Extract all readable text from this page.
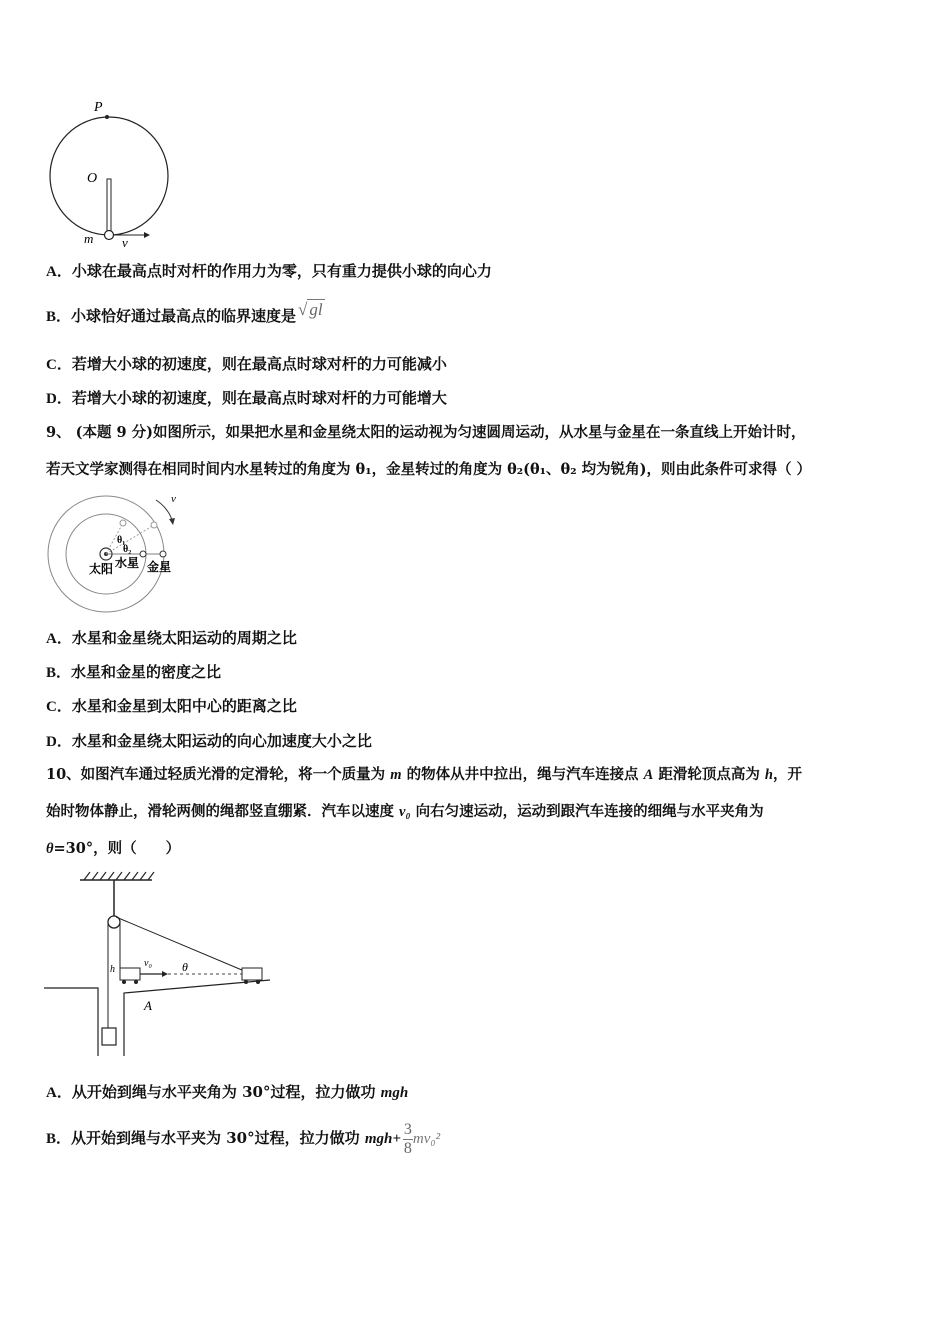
P
O
m v
A．小球在最高点时对杆的作用力为零，只有重力提供小球的向心力
B．小球恰好通过最高点的临界速度是 √ gl
C．若增大小球的初速度，则在最高点时球对杆的力可能减小
D．若增大小球的初速度，则在最高点时球对杆的力可能增大
9、 (本题 9 分)如图所示，如果把水星和金星绕太阳的运动视为匀速圆周运动，从水星与金星在一条直线上开始计时，
若天文学家测得在相同时间内水星转过的角度为 θ₁，金星转过的角度为 θ₂(θ₁、θ₂ 均为锐角)，则由此条件可求得（ ）
v
θ₁
θ₂
太阳 水星 金星
A．水星和金星绕太阳运动的周期之比
B．水星和金星的密度之比
C．水星和金星到太阳中心的距离之比
D．水星和金星绕太阳运动的向心加速度大小之比
10、如图汽车通过轻质光滑的定滑轮，将一个质量为 m 的物体从井中拉出，绳与汽车连接点 A 距滑轮顶点高为 h，开
始时物体静止，滑轮两侧的绳都竖直绷紧．汽车以速度 v₀ 向右匀速运动，运动到跟汽车连接的细绳与水平夹角为
θ=30°，则（　　）
h
v₀	θ
A
A．从开始到绳与水平夹角为 30°过程，拉力做功 mgh
B．从开始到绳与水平夹为 30°过程，拉力做功 $mgh+ \frac{3}{8} mv_0^2$
